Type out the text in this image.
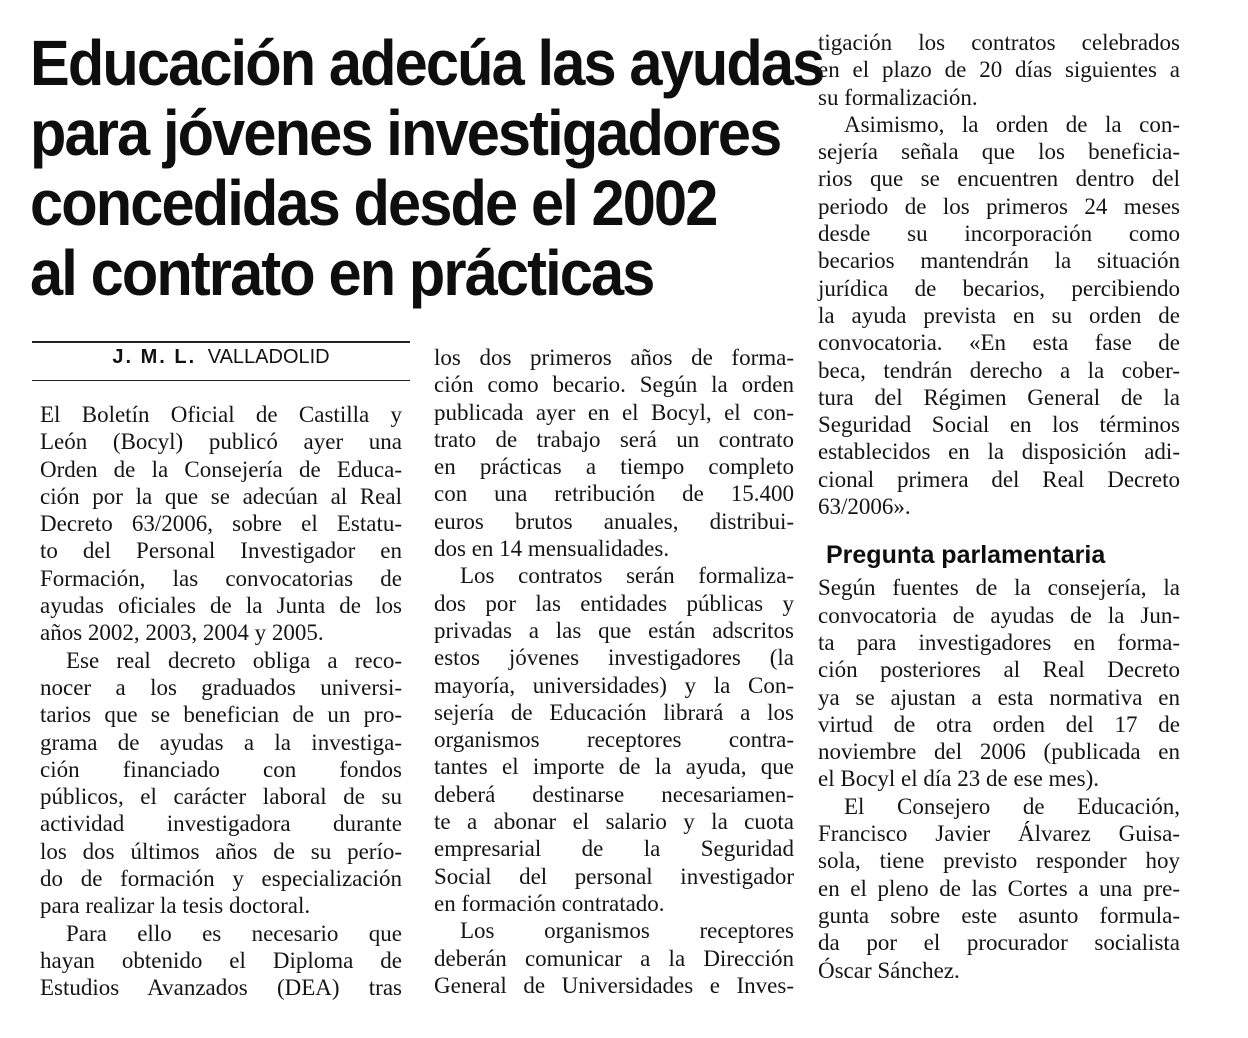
Educación adecúa las ayudas
para jóvenes investigadores
concedidas desde el 2002
al contrato en prácticas
J. M. L. VALLADOLID

El Boletín Oficial de Castilla y
León (Bocyl) publicó ayer una
Orden de la Consejería de Educa-
ción por la que se adecúan al Real
Decreto 63/2006, sobre el Estatu-
to del Personal Investigador en
Formación, las convocatorias de
ayudas oficiales de la Junta de los
años 2002, 2003, 2004 y 2005.

Ese real decreto obliga a reco-
nocer a los graduados universi-
tarios que se benefician de un pro-
grama de ayudas a la investiga-
ción financiado con fondos
públicos, el carácter laboral de su
actividad investigadora durante
los dos últimos años de su perío-
do de formación y especialización
para realizar la tesis doctoral.

Para ello es necesario que
hayan obtenido el Diploma de
Estudios Avanzados (DEA) tras

los dos primeros años de forma-
ción como becario. Según la orden
publicada ayer en el Bocyl, el con-
trato de trabajo será un contrato
en prácticas a tiempo completo
con una retribución de 15.400
euros brutos anuales, distribui-
dos en 14 mensualidades.

Los contratos serán formaliza-
dos por las entidades públicas y
privadas a las que están adscritos
estos jóvenes investigadores (la
mayoría, universidades) y la Con-
sejería de Educación librará a los
organismos receptores contra-
tantes el importe de la ayuda, que
deberá destinarse necesariamen-
te a abonar el salario y la cuota
empresarial de la Seguridad
Social del personal investigador
en formación contratado.

Los organismos receptores
deberán comunicar a la Dirección
General de Universidades e Inves-

tigación los contratos celebrados
en el plazo de 20 días siguientes a
su formalización.

Asimismo, la orden de la con-
sejería señala que los beneficia-
rios que se encuentren dentro del
periodo de los primeros 24 meses
desde su incorporación como
becarios mantendrán la situación
jurídica de becarios, percibiendo
la ayuda prevista en su orden de
convocatoria. «En esta fase de
beca, tendrán derecho a la cober-
tura del Régimen General de la
Seguridad Social en los términos
establecidos en la disposición adi-
cional primera del Real Decreto
63/2006».

Pregunta parlamentaria

Según fuentes de la consejería, la
convocatoria de ayudas de la Jun-
ta para investigadores en forma-
ción posteriores al Real Decreto
ya se ajustan a esta normativa en
virtud de otra orden del 17 de
noviembre del 2006 (publicada en
el Bocyl el día 23 de ese mes).

El Consejero de Educación,
Francisco Javier Álvarez Guisa-
sola, tiene previsto responder hoy
en el pleno de las Cortes a una pre-
gunta sobre este asunto formula-
da por el procurador socialista
Óscar Sánchez.
